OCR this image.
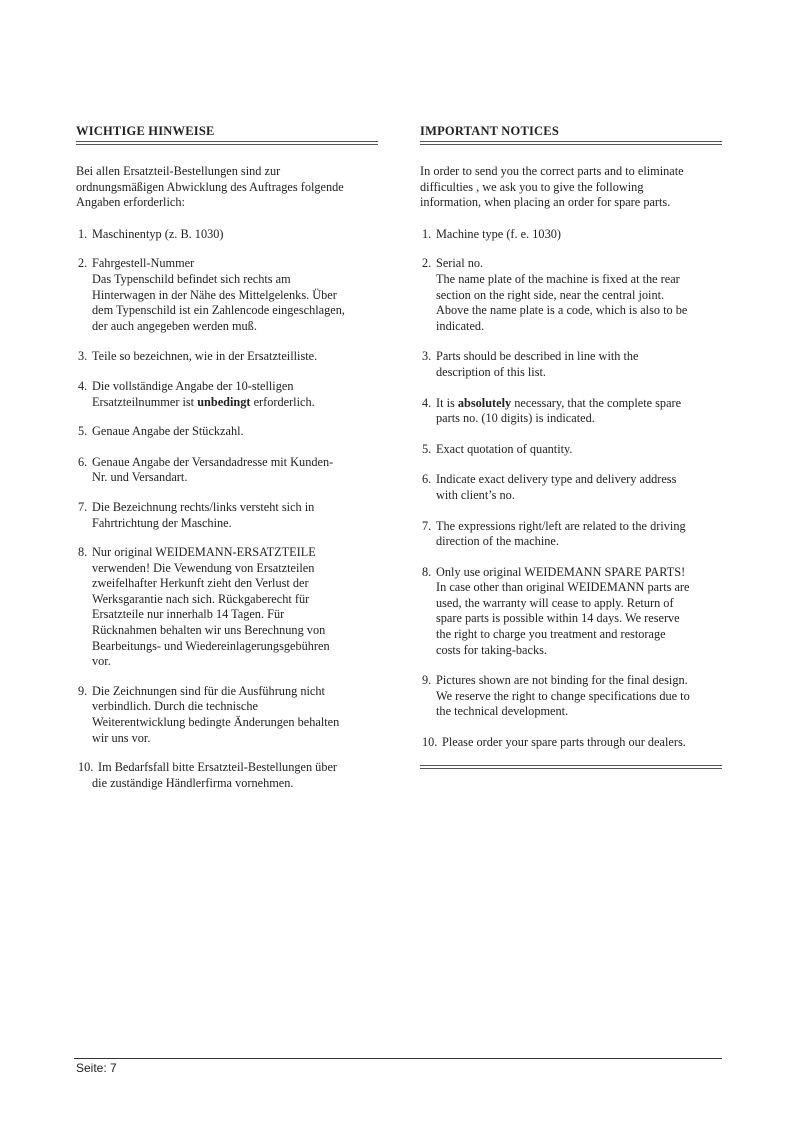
WICHTIGE HINWEISE
Bei allen Ersatzteil-Bestellungen sind zur
ordnungsmäßigen Abwicklung des Auftrages folgende
Angaben erforderlich:
1. Maschinentyp (z. B. 1030)
2. Fahrgestell-Nummer
Das Typenschild befindet sich rechts am
Hinterwagen in der Nähe des Mittelgelenks. Über
dem Typenschild ist ein Zahlencode eingeschlagen,
der auch angegeben werden muß.
3. Teile so bezeichnen, wie in der Ersatzteilliste.
4. Die vollständige Angabe der 10-stelligen
Ersatzteilnummer ist unbedingt erforderlich.
5. Genaue Angabe der Stückzahl.
6. Genaue Angabe der Versandadresse mit Kunden-
Nr. und Versandart.
7. Die Bezeichnung rechts/links versteht sich in
Fahrtrichtung der Maschine.
8. Nur original WEIDEMANN-ERSATZTEILE
verwenden! Die Vewendung von Ersatzteilen
zweifelhafter Herkunft zieht den Verlust der
Werksgarantie nach sich. Rückgaberecht für
Ersatzteile nur innerhalb 14 Tagen. Für
Rücknahmen behalten wir uns Berechnung von
Bearbeitungs- und Wiedereinlagerungsgebühren
vor.
9. Die Zeichnungen sind für die Ausführung nicht
verbindlich. Durch die technische
Weiterentwicklung bedingte Änderungen behalten
wir uns vor.
10. Im Bedarfsfall bitte Ersatzteil-Bestellungen über
die zuständige Händlerfirma vornehmen.
IMPORTANT NOTICES
In order to send you the correct parts and to eliminate
difficulties , we ask you to give the following
information, when placing an order for spare parts.
1. Machine type (f. e. 1030)
2. Serial no.
The name plate of the machine is fixed at the rear
section on the right side, near the central joint.
Above the name plate is a code, which is also to be
indicated.
3. Parts should be described in line with the
description of this list.
4. It is absolutely necessary, that the complete spare
parts no. (10 digits) is indicated.
5. Exact quotation of quantity.
6. Indicate exact delivery type and delivery address
with client’s no.
7. The expressions right/left are related to the driving
direction of the machine.
8. Only use original WEIDEMANN SPARE PARTS!
In case other than original WEIDEMANN parts are
used, the warranty will cease to apply. Return of
spare parts is possible within 14 days. We reserve
the right to charge you treatment and restorage
costs for taking-backs.
9. Pictures shown are not binding for the final design.
We reserve the right to change specifications due to
the technical development.
10. Please order your spare parts through our dealers.
Seite: 7
